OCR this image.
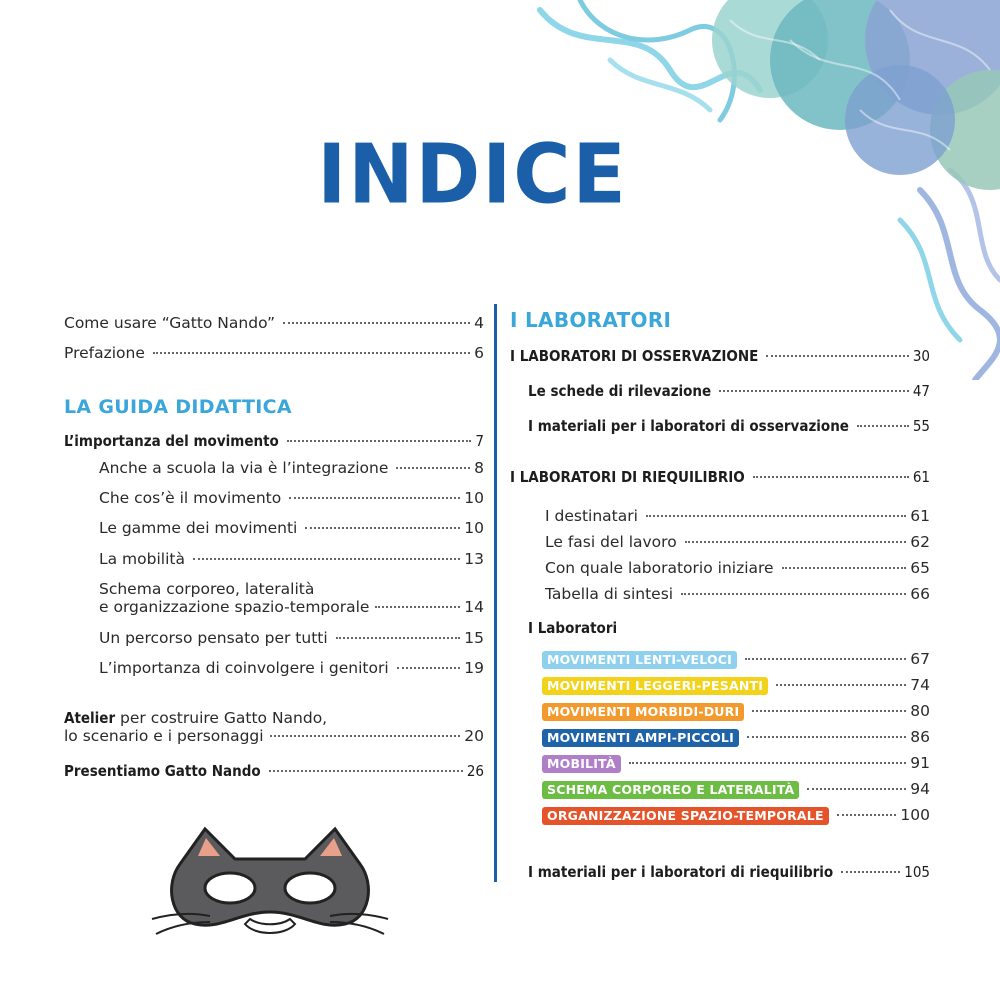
INDICE
Come usare “Gatto Nando”	4
Prefazione	6
LA GUIDA DIDATTICA
L’importanza del movimento	7
Anche a scuola la via è l’integrazione	8
Che cos’è il movimento	10
Le gamme dei movimenti	10
La mobilità	13
Schema corporeo, lateralità
e organizzazione spazio-temporale	14
Un percorso pensato per tutti	15
L’importanza di coinvolgere i genitori	19
Atelier per costruire Gatto Nando,
lo scenario e i personaggi	20
Presentiamo Gatto Nando	26
I LABORATORI
I LABORATORI DI OSSERVAZIONE	30
Le schede di rilevazione	47
I materiali per i laboratori di osservazione	55
I LABORATORI DI RIEQUILIBRIO	61
I destinatari	61
Le fasi del lavoro	62
Con quale laboratorio iniziare	65
Tabella di sintesi	66
I Laboratori
MOVIMENTI LENTI-VELOCI	67
MOVIMENTI LEGGERI-PESANTI	74
MOVIMENTI MORBIDI-DURI	80
MOVIMENTI AMPI-PICCOLI	86
MOBILITÀ	91
SCHEMA CORPOREO E LATERALITÀ	94
ORGANIZZAZIONE SPAZIO-TEMPORALE	100
I materiali per i laboratori di riequilibrio	105
